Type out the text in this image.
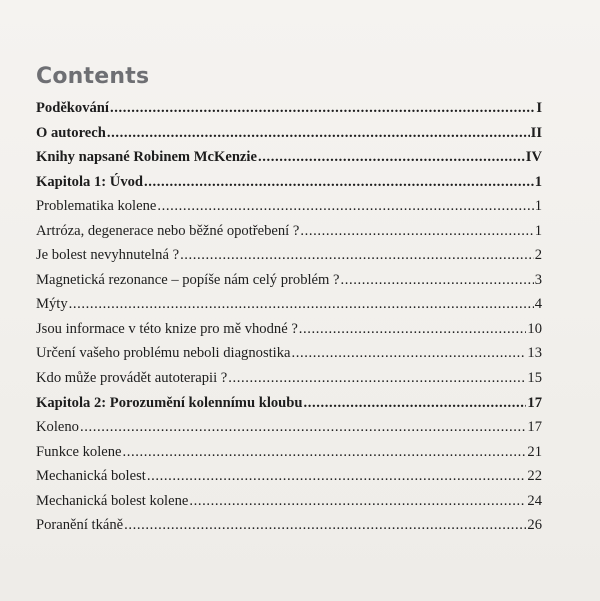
Contents
Poděkování .....	I
O autorech .....	II
Knihy napsané Robinem McKenzie .....	IV
Kapitola 1: Úvod .....	1
Problematika kolene .....	1
Artróza, degenerace nebo běžné opotřebení ? .....	1
Je bolest nevyhnutelná ? .....	2
Magnetická rezonance – popíše nám celý problém ? .....	3
Mýty .....	4
Jsou informace v této knize pro mě vhodné ? .....	10
Určení vašeho problému neboli diagnostika .....	13
Kdo může provádět autoterapii ? .....	15
Kapitola 2: Porozumění kolennímu kloubu .....	17
Koleno .....	17
Funkce kolene .....	21
Mechanická bolest .....	22
Mechanická bolest kolene .....	24
Poranění tkáně .....	26
